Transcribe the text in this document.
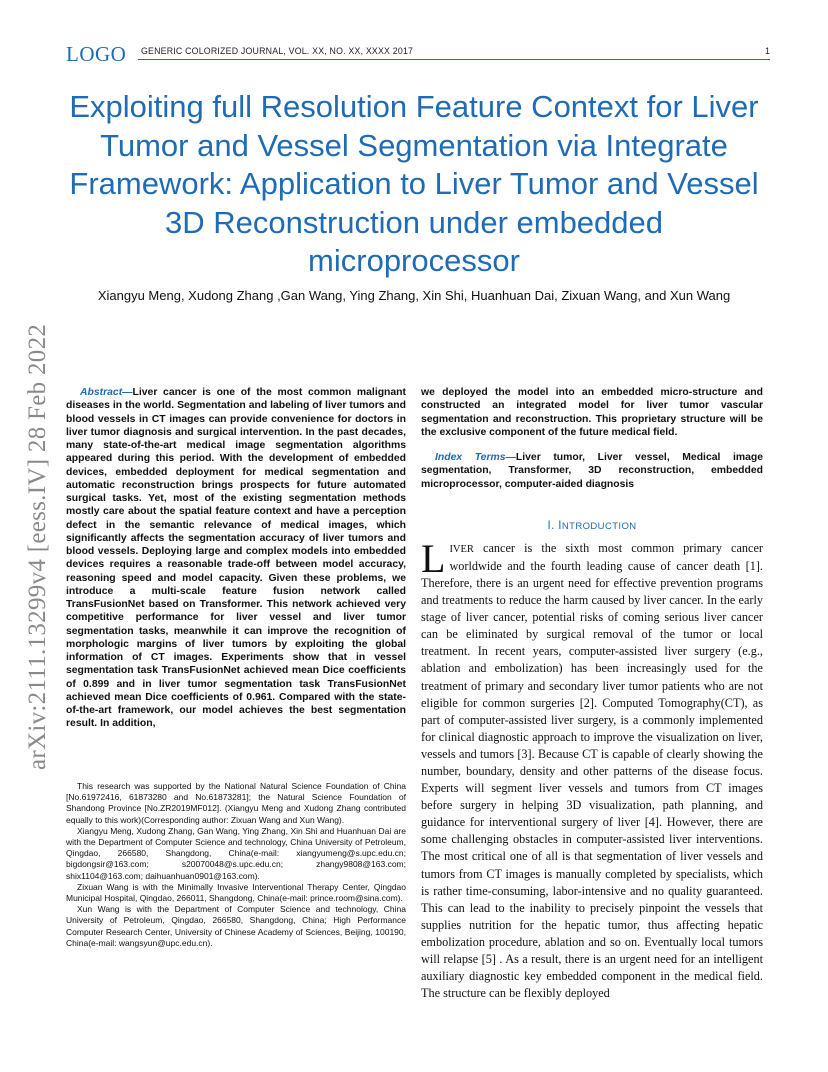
LOGO GENERIC COLORIZED JOURNAL, VOL. XX, NO. XX, XXXX 2017	1
arXiv:2111.13299v4 [eess.IV] 28 Feb 2022
Exploiting full Resolution Feature Context for Liver Tumor and Vessel Segmentation via Integrate Framework: Application to Liver Tumor and Vessel 3D Reconstruction under embedded microprocessor
Xiangyu Meng, Xudong Zhang ,Gan Wang, Ying Zhang, Xin Shi, Huanhuan Dai, Zixuan Wang, and Xun Wang

Abstract—Liver cancer is one of the most common malignant diseases in the world. Segmentation and labeling of liver tumors and blood vessels in CT images can provide convenience for doctors in liver tumor diagnosis and surgical intervention. In the past decades, many state-of-the-art medical image segmentation algorithms appeared during this period. With the development of embedded devices, embedded deployment for medical segmentation and automatic reconstruction brings prospects for future automated surgical tasks. Yet, most of the existing segmentation methods mostly care about the spatial feature context and have a perception defect in the semantic relevance of medical images, which significantly affects the segmentation accuracy of liver tumors and blood vessels. Deploying large and complex models into embedded devices requires a reasonable trade-off between model accuracy, reasoning speed and model capacity. Given these problems, we introduce a multi-scale feature fusion network called TransFusionNet based on Transformer. This network achieved very competitive performance for liver vessel and liver tumor segmentation tasks, meanwhile it can improve the recognition of morphologic margins of liver tumors by exploiting the global information of CT images. Experiments show that in vessel segmentation task TransFusionNet achieved mean Dice coefficients of 0.899 and in liver tumor segmentation task TransFusionNet achieved mean Dice coefficients of 0.961. Compared with the state-of-the-art framework, our model achieves the best segmentation result. In addition,

This research was supported by the National Natural Science Foundation of China [No.61972416, 61873280 and No.61873281]; the Natural Science Foundation of Shandong Province [No.ZR2019MF012]. (Xiangyu Meng and Xudong Zhang contributed equally to this work)(Corresponding author: Zixuan Wang and Xun Wang).

Xiangyu Meng, Xudong Zhang, Gan Wang, Ying Zhang, Xin Shi and Huanhuan Dai are with the Department of Computer Science and technology, China University of Petroleum, Qingdao, 266580, Shangdong, China(e-mail: xiangyumeng@s.upc.edu.cn; bigdongsir@163.com; s20070048@s.upc.edu.cn; zhangy9808@163.com; shix1104@163.com; daihuanhuan0901@163.com).

Zixuan Wang is with the Minimally Invasive Interventional Therapy Center, Qingdao Municipal Hospital, Qingdao, 266011, Shangdong, China(e-mail: prince.room@sina.com).

Xun Wang is with the Department of Computer Science and technology, China University of Petroleum, Qingdao, 266580, Shangdong, China; High Performance Computer Research Center, University of Chinese Academy of Sciences, Beijing, 100190, China(e-mail: wangsyun@upc.edu.cn).

we deployed the model into an embedded micro-structure and constructed an integrated model for liver tumor vascular segmentation and reconstruction. This proprietary structure will be the exclusive component of the future medical field.

Index Terms—Liver tumor, Liver vessel, Medical image segmentation, Transformer, 3D reconstruction, embedded microprocessor, computer-aided diagnosis

I. INTRODUCTION

LIVER cancer is the sixth most common primary cancer worldwide and the fourth leading cause of cancer death [1]. Therefore, there is an urgent need for effective prevention programs and treatments to reduce the harm caused by liver cancer. In the early stage of liver cancer, potential risks of coming serious liver cancer can be eliminated by surgical removal of the tumor or local treatment. In recent years, computer-assisted liver surgery (e.g., ablation and embolization) has been increasingly used for the treatment of primary and secondary liver tumor patients who are not eligible for common surgeries [2]. Computed Tomography(CT), as part of computer-assisted liver surgery, is a commonly implemented for clinical diagnostic approach to improve the visualization on liver, vessels and tumors [3]. Because CT is capable of clearly showing the number, boundary, density and other patterns of the disease focus. Experts will segment liver vessels and tumors from CT images before surgery in helping 3D visualization, path planning, and guidance for interventional surgery of liver [4]. However, there are some challenging obstacles in computer-assisted liver interventions. The most critical one of all is that segmentation of liver vessels and tumors from CT images is manually completed by specialists, which is rather time-consuming, labor-intensive and no quality guaranteed. This can lead to the inability to precisely pinpoint the vessels that supplies nutrition for the hepatic tumor, thus affecting hepatic embolization procedure, ablation and so on. Eventually local tumors will relapse [5] . As a result, there is an urgent need for an intelligent auxiliary diagnostic key embedded component in the medical field. The structure can be flexibly deployed
